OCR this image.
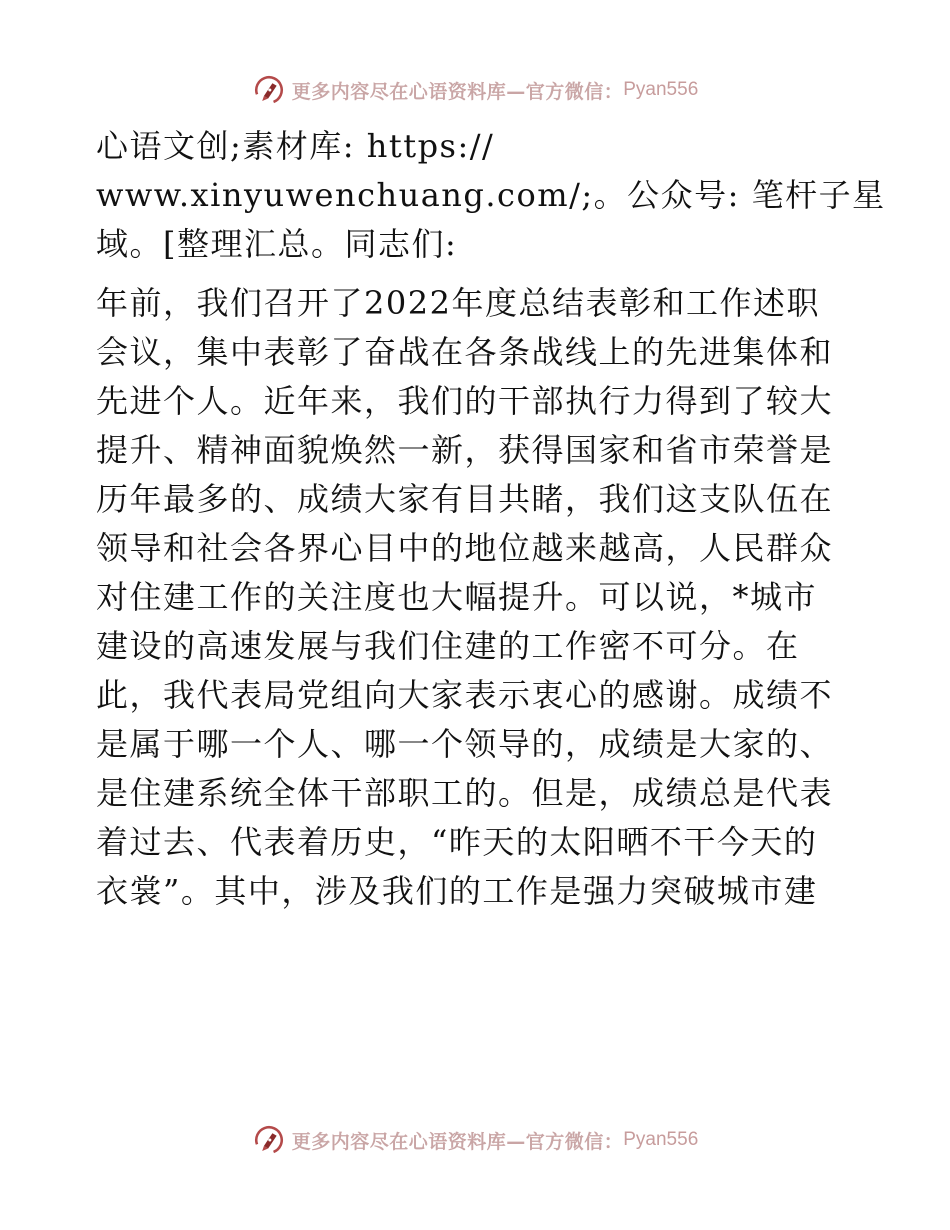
更多内容尽在心语资料库—官方微信： Pyan556
心语文创;素材库: https://
www.xinyuwenchuang.com/;。公众号: 笔杆子星
域。[整理汇总。同志们:
年前，我们召开了2022年度总结表彰和工作述职
会议，集中表彰了奋战在各条战线上的先进集体和
先进个人。近年来，我们的干部执行力得到了较大
提升、精神面貌焕然一新，获得国家和省市荣誉是
历年最多的、成绩大家有目共睹，我们这支队伍在
领导和社会各界心目中的地位越来越高，人民群众
对住建工作的关注度也大幅提升。可以说，*城市
建设的高速发展与我们住建的工作密不可分。在
此，我代表局党组向大家表示衷心的感谢。成绩不
是属于哪一个人、哪一个领导的，成绩是大家的、
是住建系统全体干部职工的。但是，成绩总是代表
着过去、代表着历史，“昨天的太阳晒不干今天的
衣裳”。其中，涉及我们的工作是强力突破城市建
更多内容尽在心语资料库—官方微信： Pyan556
